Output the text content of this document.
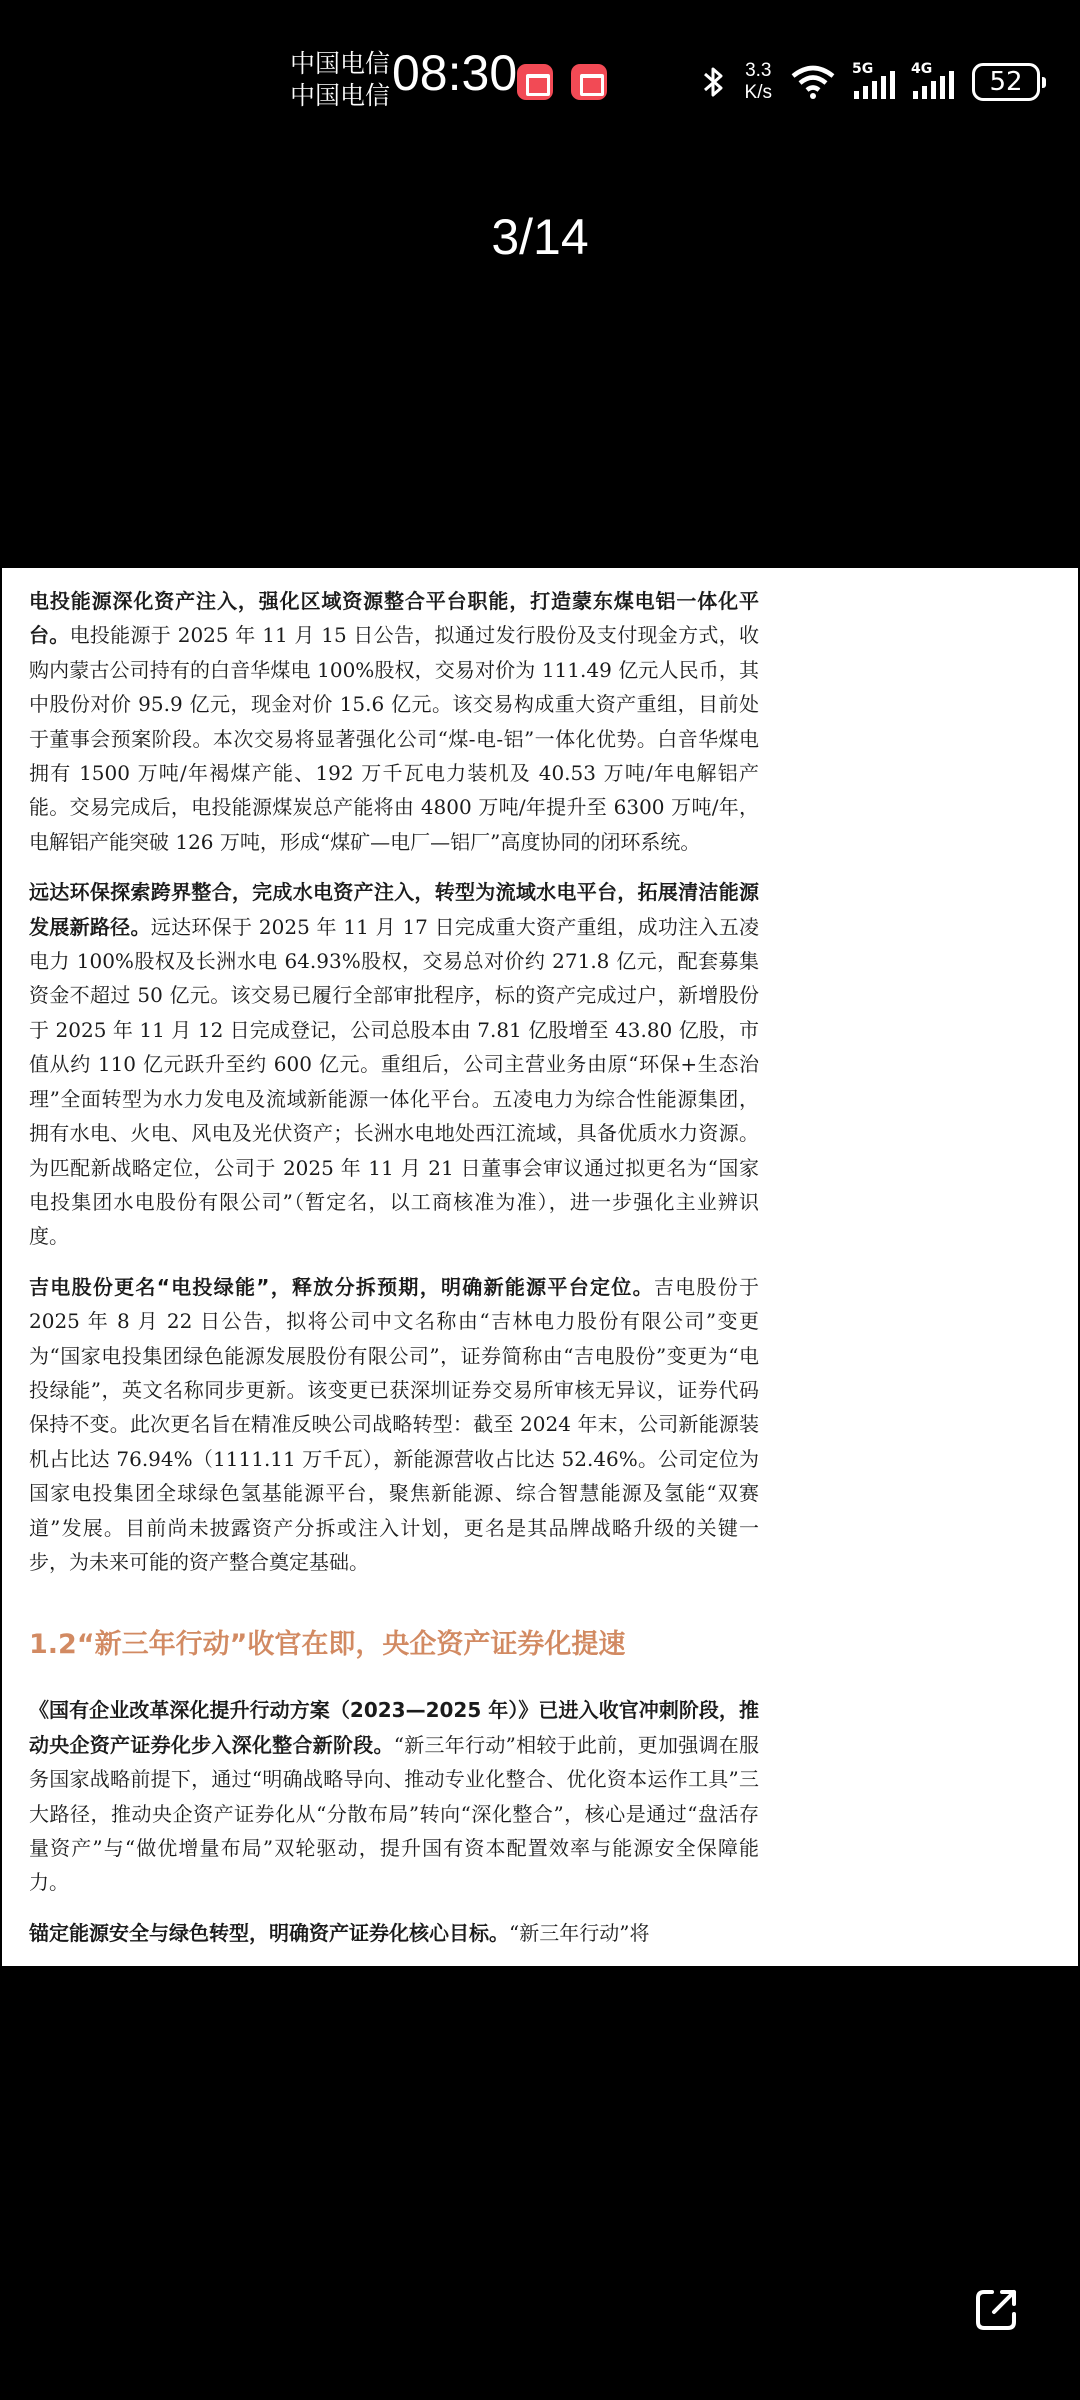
中国电信
中国电信 08:30	3.3
K/s
5G	4G 52
3/14

电投能源深化资产注入，强化区域资源整合平台职能，打造蒙东煤电铝一体化平台。电投能源于 2025 年 11 月 15 日公告，拟通过发行股份及支付现金方式，收购内蒙古公司持有的白音华煤电 100%股权，交易对价为 111.49 亿元人民币，其中股份对价 95.9 亿元，现金对价 15.6 亿元。该交易构成重大资产重组，目前处于董事会预案阶段。本次交易将显著强化公司“煤-电-铝”一体化优势。白音华煤电拥有 1500 万吨/年褐煤产能、192 万千瓦电力装机及 40.53 万吨/年电解铝产能。交易完成后，电投能源煤炭总产能将由 4800 万吨/年提升至 6300 万吨/年，电解铝产能突破 126 万吨，形成“煤矿—电厂—铝厂”高度协同的闭环系统。

远达环保探索跨界整合，完成水电资产注入，转型为流域水电平台，拓展清洁能源发展新路径。远达环保于 2025 年 11 月 17 日完成重大资产重组，成功注入五凌电力 100%股权及长洲水电 64.93%股权，交易总对价约 271.8 亿元，配套募集资金不超过 50 亿元。该交易已履行全部审批程序，标的资产完成过户，新增股份于 2025 年 11 月 12 日完成登记，公司总股本由 7.81 亿股增至 43.80 亿股，市值从约 110 亿元跃升至约 600 亿元。重组后，公司主营业务由原“环保+生态治理”全面转型为水力发电及流域新能源一体化平台。五凌电力为综合性能源集团，拥有水电、火电、风电及光伏资产；长洲水电地处西江流域，具备优质水力资源。为匹配新战略定位，公司于 2025 年 11 月 21 日董事会审议通过拟更名为“国家电投集团水电股份有限公司”（暂定名，以工商核准为准），进一步强化主业辨识度。

吉电股份更名“电投绿能”，释放分拆预期，明确新能源平台定位。吉电股份于 2025 年 8 月 22 日公告，拟将公司中文名称由“吉林电力股份有限公司”变更为“国家电投集团绿色能源发展股份有限公司”，证券简称由“吉电股份”变更为“电投绿能”，英文名称同步更新。该变更已获深圳证券交易所审核无异议，证券代码保持不变。此次更名旨在精准反映公司战略转型：截至 2024 年末，公司新能源装机占比达 76.94%（1111.11 万千瓦），新能源营收占比达 52.46%。公司定位为国家电投集团全球绿色氢基能源平台，聚焦新能源、综合智慧能源及氢能“双赛道”发展。目前尚未披露资产分拆或注入计划，更名是其品牌战略升级的关键一步，为未来可能的资产整合奠定基础。

1.2“新三年行动”收官在即，央企资产证券化提速

《国有企业改革深化提升行动方案（2023—2025 年）》已进入收官冲刺阶段，推动央企资产证券化步入深化整合新阶段。“新三年行动”相较于此前，更加强调在服务国家战略前提下，通过“明确战略导向、推动专业化整合、优化资本运作工具”三大路径，推动央企资产证券化从“分散布局”转向“深化整合”，核心是通过“盘活存量资产”与“做优增量布局”双轮驱动，提升国有资本配置效率与能源安全保障能力。

锚定能源安全与绿色转型，明确资产证券化核心目标。“新三年行动”将
